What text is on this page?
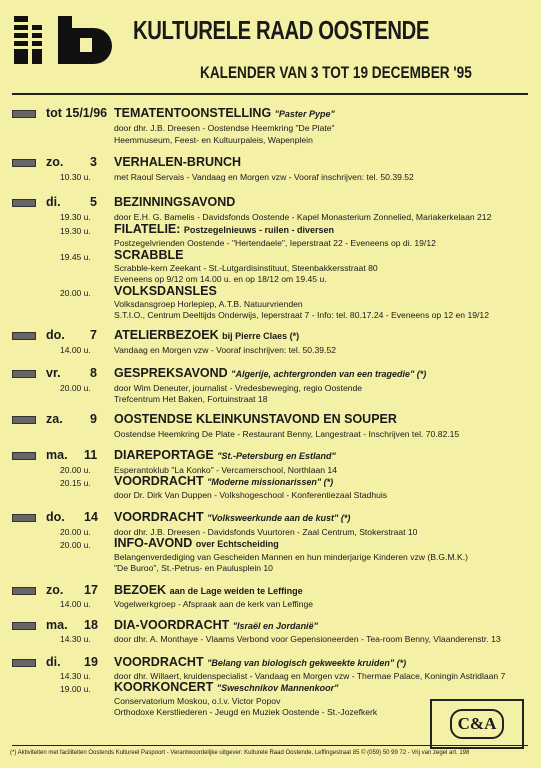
KULTURELE RAAD OOSTENDE
KALENDER VAN 3 TOT 19 DECEMBER '95
tot 15/1/96 TEMATENTOONSTELLING "Paster Pype"
door dhr. J.B. Dreesen - Oostendse Heemkring "De Plate"
Heemmuseum, Feest- en Kultuurpaleis, Wapenplein
zo. 3 VERHALEN-BRUNCH
10.30 u.	met Raoul Servais - Vandaag en Morgen vzw - Vooraf inschrijven: tel. 50.39.52
di. 5 BEZINNINGSAVOND
19.30 u.	door E.H. G. Bamelis - Davidsfonds Oostende - Kapel Monasterium Zonnelied, Mariakerkelaan 212
19.30 u. FILATELIE: Postzegelnieuws - ruilen - diversen
Postzegelvrienden Oostende - "Hertendaele", Ieperstraat 22 - Eveneens op di. 19/12
19.45 u. SCRABBLE
Scrabble-kern Zeekant - St.-Lutgardisinstituut, Steenbakkersstraat 80
Eveneens op 9/12 om 14.00 u. en op 18/12 om 19.45 u.
20.00 u. VOLKSDANSLES
Volksdansgroep Horlepiep, A.T.B. Natuurvrienden
S.T.I.O., Centrum Deeltijds Onderwijs, Ieperstraat 7 - Info: tel. 80.17.24 - Eveneens op 12 en 19/12
do. 7 ATELIERBEZOEK bij Pierre Claes (*)
14.00 u.	Vandaag en Morgen vzw - Vooraf inschrijven: tel. 50.39.52
vr. 8 GESPREKSAVOND "Algerije, achtergronden van een tragedie" (*)
20.00 u.	door Wim Deneuter, journalist - Vredesbeweging, regio Oostende
Trefcentrum Het Baken, Fortuinstraat 18
za. 9 OOSTENDSE KLEINKUNSTAVOND EN SOUPER
Oostendse Heemkring De Plate - Restaurant Benny, Langestraat - Inschrijven tel. 70.82.15
ma. 11 DIAREPORTAGE "St.-Petersburg en Estland"
20.00 u.	Esperantoklub "La Konko" - Vercamerschool, Northlaan 14
20.15 u. VOORDRACHT "Moderne missionarissen" (*)
door Dr. Dirk Van Duppen - Volkshogeschool - Konferentiezaal Stadhuis
do. 14 VOORDRACHT "Volksweerkunde aan de kust" (*)
20.00 u.	door dhr. J.B. Dreesen - Davidsfonds Vuurtoren - Zaal Centrum, Stokerstraat 10
20.00 u. INFO-AVOND over Echtscheiding
Belangenverdediging van Gescheiden Mannen en hun minderjarige Kinderen vzw (B.G.M.K.)
"De Buroo", St.-Petrus- en Paulusplein 10
zo. 17 BEZOEK aan de Lage weiden te Leffinge
14.00 u.	Vogelwerkgroep - Afspraak aan de kerk van Leffinge
ma. 18 DIA-VOORDRACHT "Israël en Jordanië"
14.30 u.	door dhr. A. Monthaye - Vlaams Verbond voor Gepensioneerden - Tea-room Benny, Vlaanderenstr. 13
di. 19 VOORDRACHT "Belang van biologisch gekweekte kruiden" (*)
14.30 u.	door dhr. Willaert, kruidenspecialist - Vandaag en Morgen vzw - Thermae Palace, Koningin Astridlaan 7
19.00 u. KOORKONCERT "Sweschnikov Mannenkoor"
Conservatorium Moskou, o.l.v. Victor Popov
Orthodoxe Kerstliederen - Jeugd en Muziek Oostende - St.-Jozefkerk
C&A
(*) Aktiviteiten met faciliteiten Oostends Kultureel Paspoort - Verantwoordelijke uitgever: Kulturele Raad Oostende, Leffingestraat 85 © (059) 50 99 72 - Vrij van zegel art. 198
